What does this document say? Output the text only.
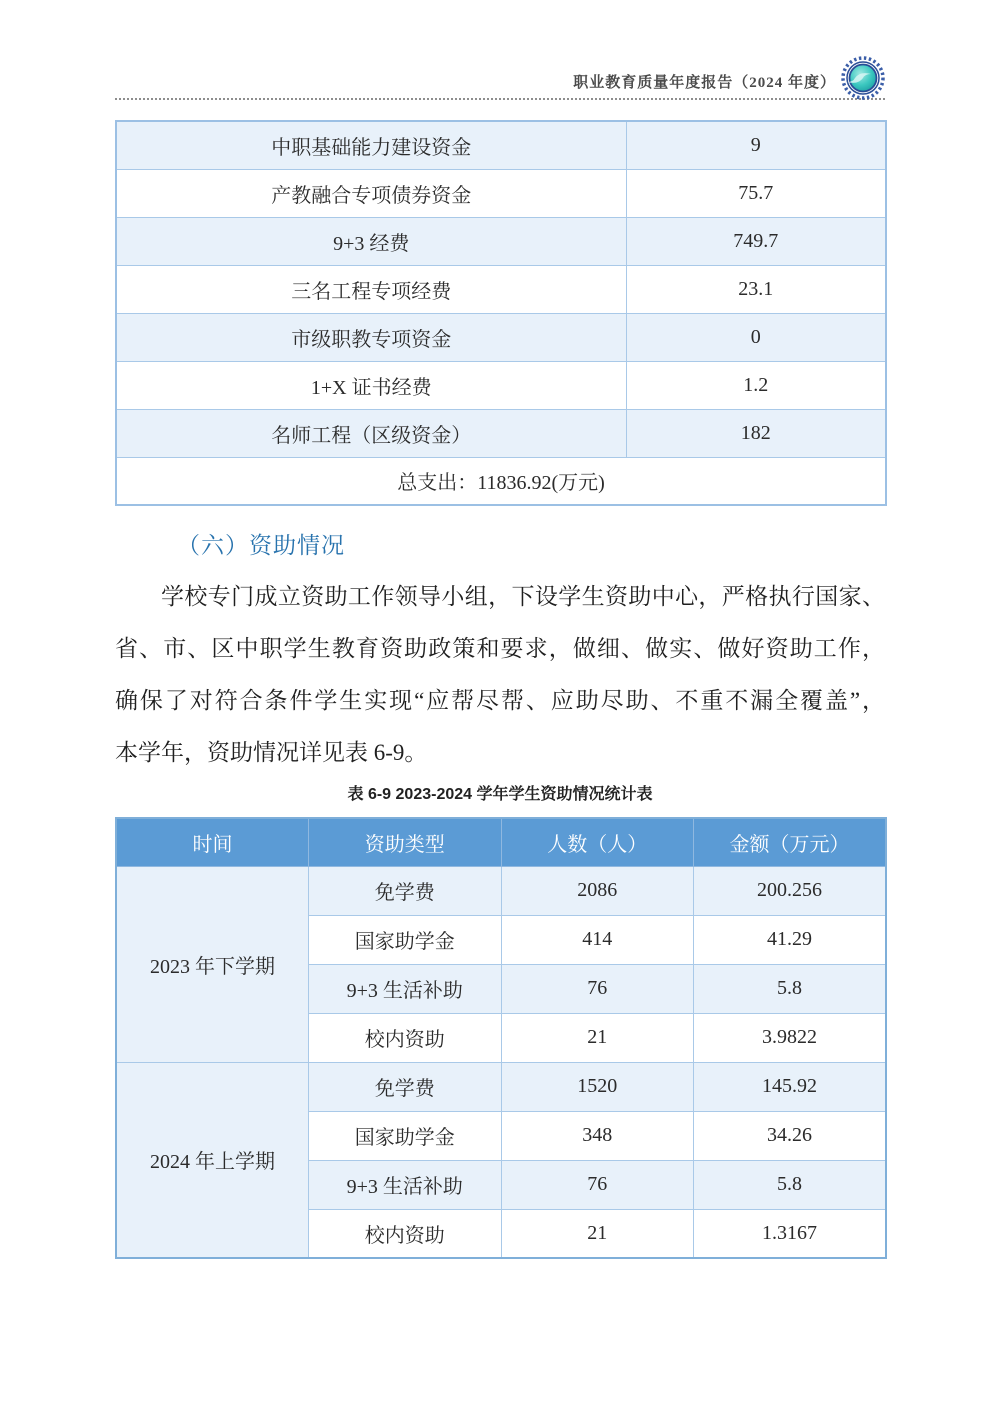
职业教育质量年度报告（2024 年度）
中职基础能力建设资金	9
产教融合专项债券资金	75.7
9+3 经费	749.7
三名工程专项经费	23.1
市级职教专项资金	0
1+X 证书经费	1.2
名师工程（区级资金）	182
总支出：11836.92(万元)	
（六）资助情况
学校专门成立资助工作领导小组，下设学生资助中心，严格执行国家、
省、市、区中职学生教育资助政策和要求，做细、做实、做好资助工作，
确保了对符合条件学生实现“应帮尽帮、应助尽助、不重不漏全覆盖”，
本学年，资助情况详见表 6-9。
表 6-9 2023-2024 学年学生资助情况统计表
时间	资助类型	人数（人）	金额（万元）
2023 年下学期	免学费	2086	200.256
	国家助学金	414	41.29
	9+3 生活补助	76	5.8
	校内资助	21	3.9822
2024 年上学期	免学费	1520	145.92
	国家助学金	348	34.26
	9+3 生活补助	76	5.8
	校内资助	21	1.3167
